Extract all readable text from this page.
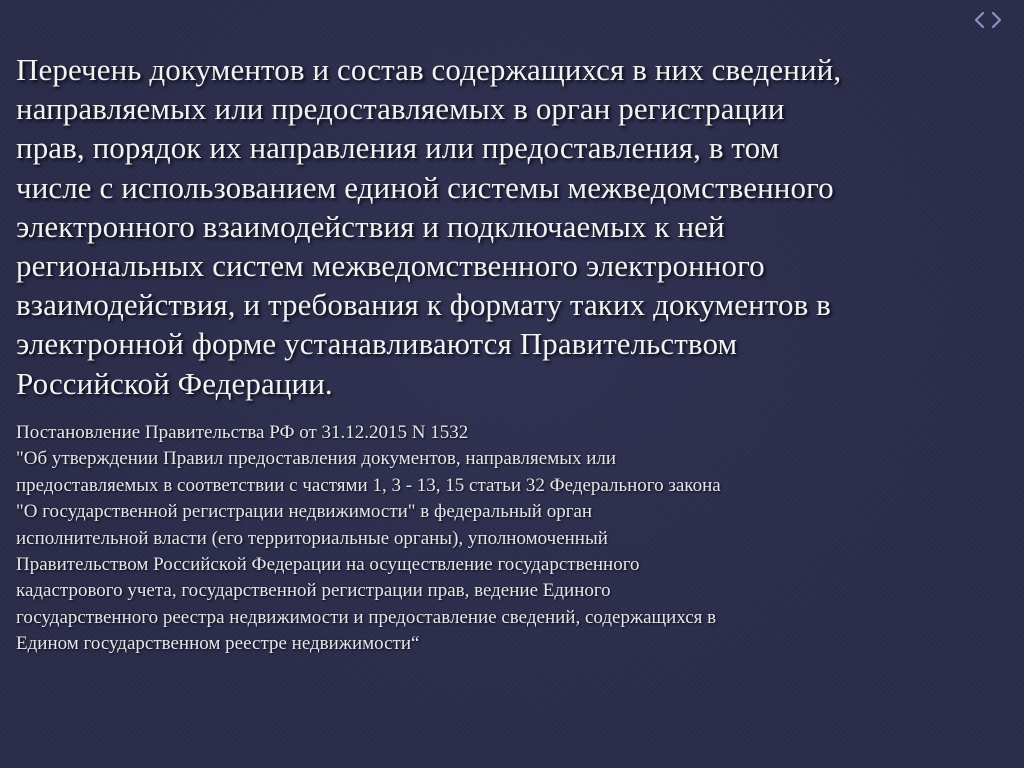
Перечень документов и состав содержащихся в них сведений,
направляемых или предоставляемых в орган регистрации
прав, порядок их направления или предоставления, в том
числе с использованием единой системы межведомственного
электронного взаимодействия и подключаемых к ней
региональных систем межведомственного электронного
взаимодействия, и требования к формату таких документов в
электронной форме устанавливаются Правительством
Российской Федерации.

Постановление Правительства РФ от 31.12.2015 N 1532
"Об утверждении Правил предоставления документов, направляемых или
предоставляемых в соответствии с частями 1, 3 - 13, 15 статьи 32 Федерального закона
"О государственной регистрации недвижимости" в федеральный орган
исполнительной власти (его территориальные органы), уполномоченный
Правительством Российской Федерации на осуществление государственного
кадастрового учета, государственной регистрации прав, ведение Единого
государственного реестра недвижимости и предоставление сведений, содержащихся в
Едином государственном реестре недвижимости“
